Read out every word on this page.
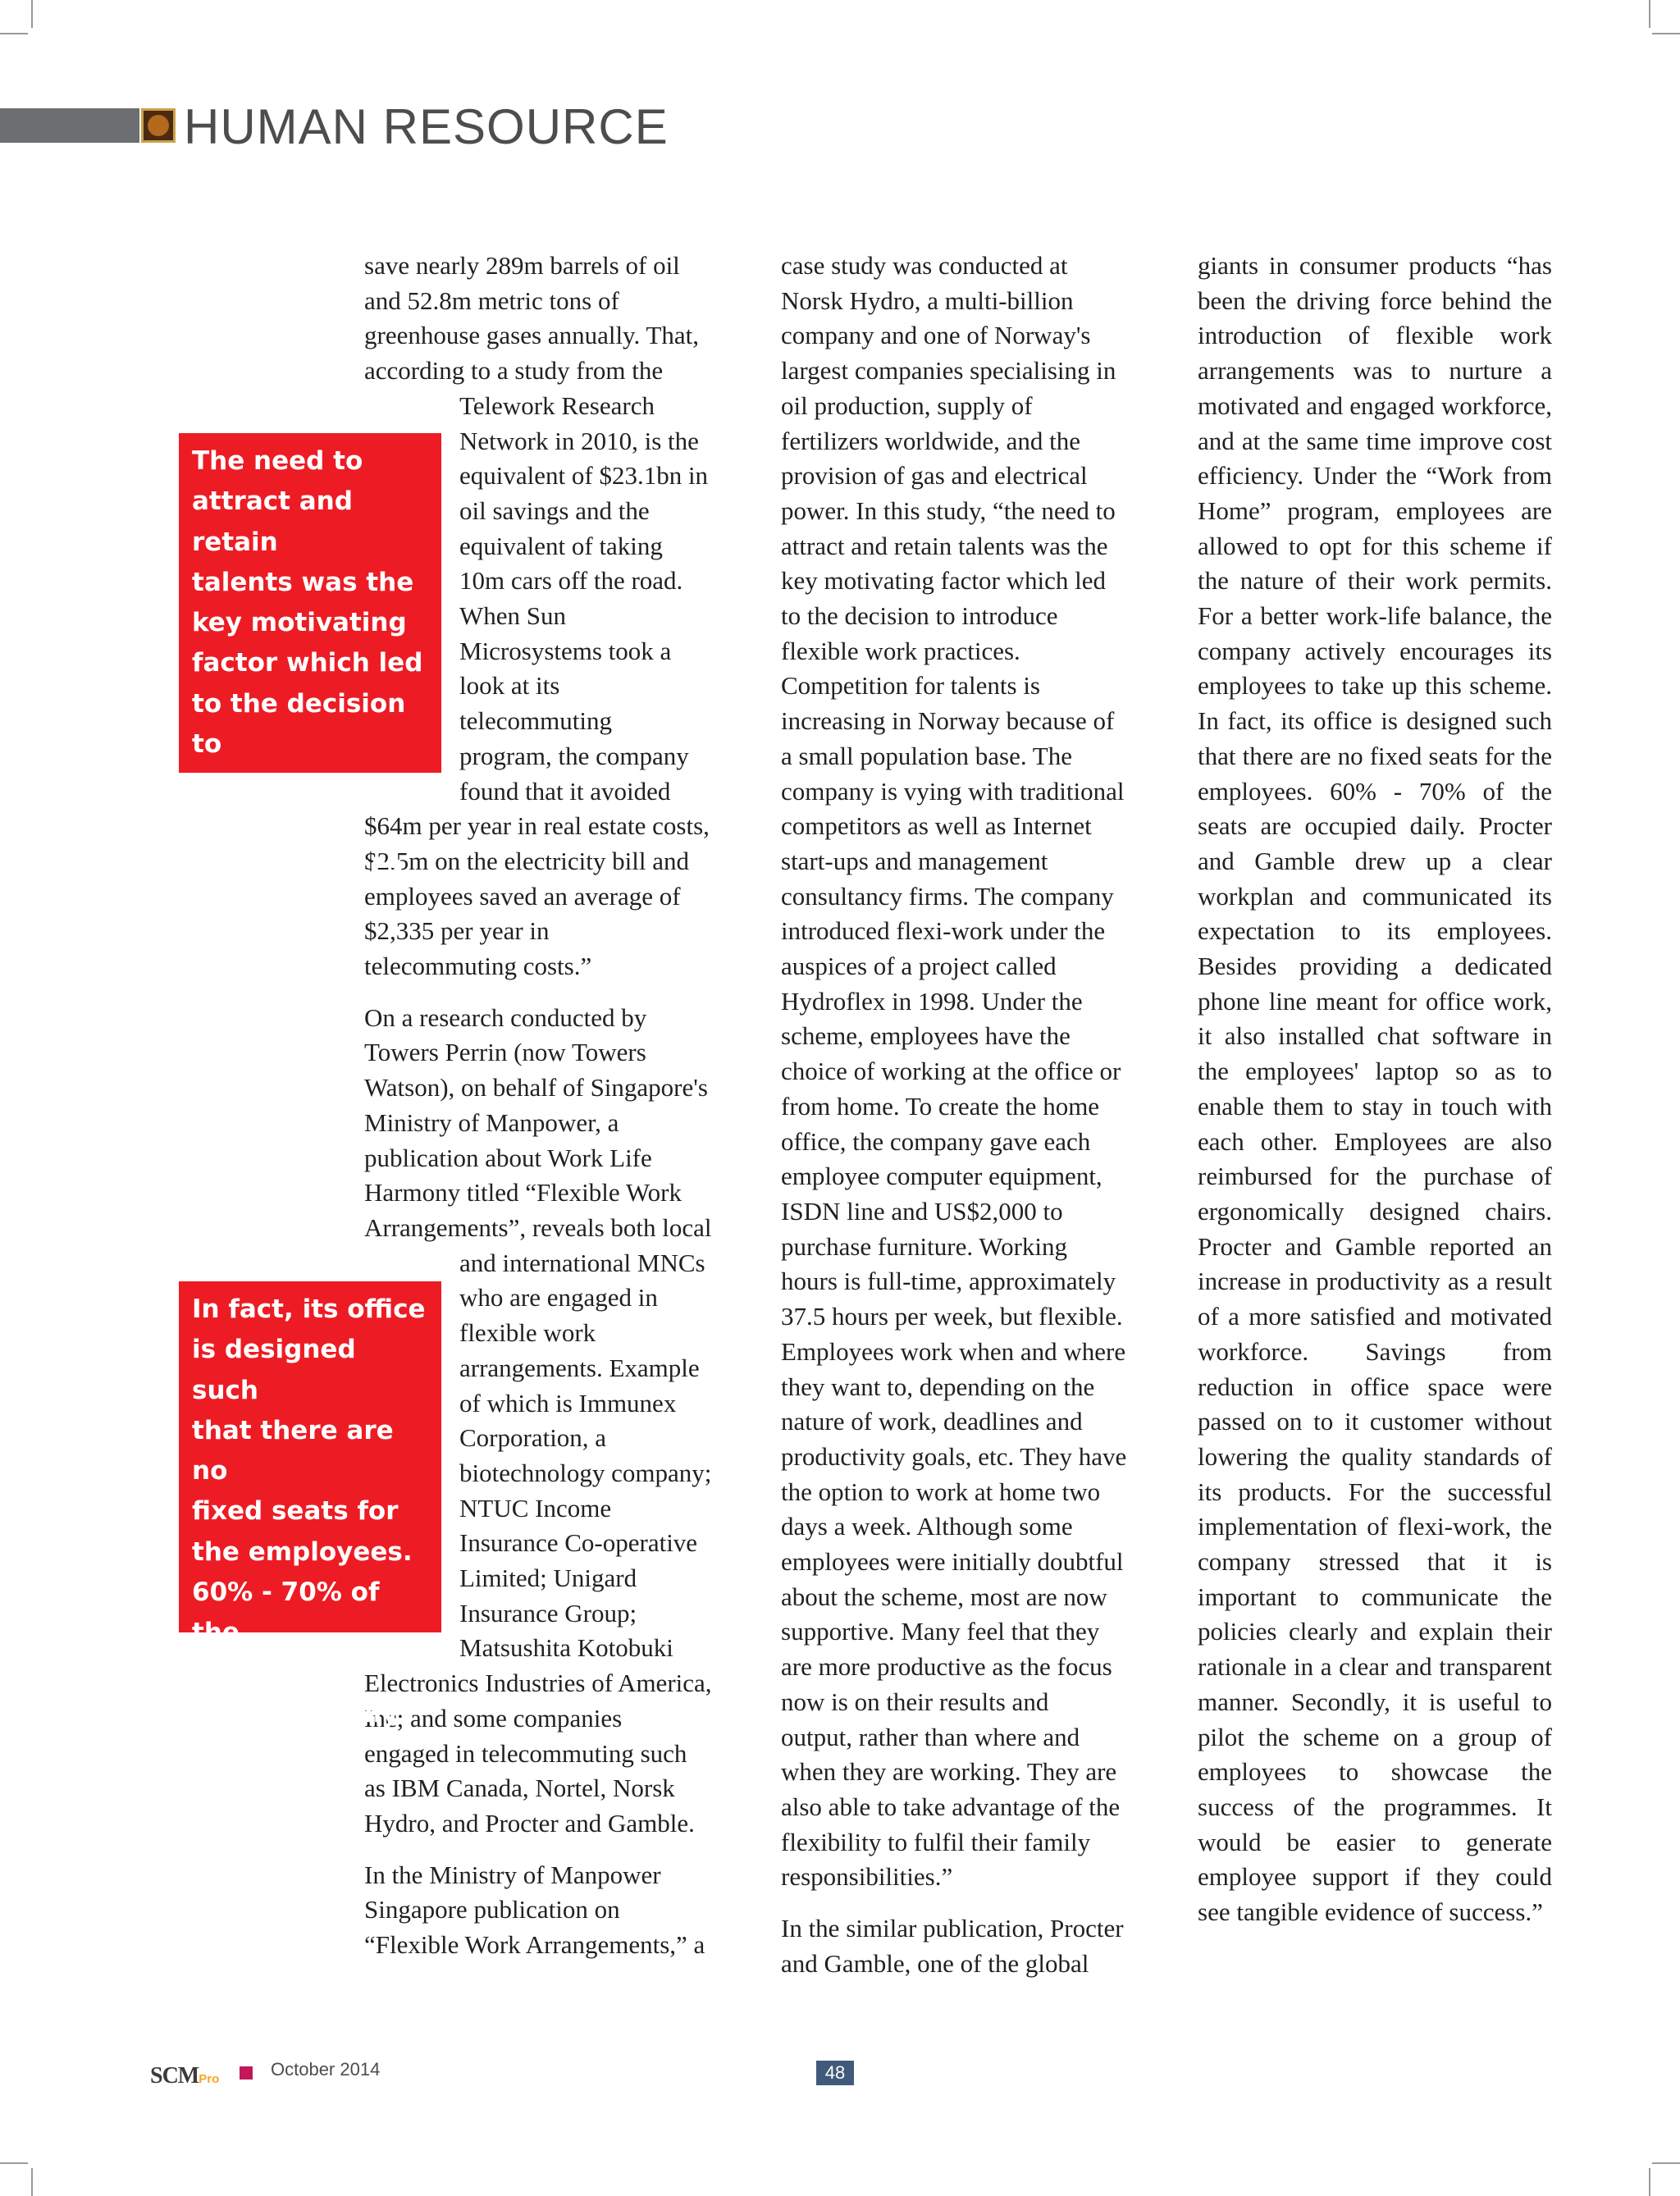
HUMAN RESOURCE

save nearly 289m barrels of oil
and 52.8m metric tons of
greenhouse gases annually. That,
according to a study from the
Telework Research
Network in 2010, is the
equivalent of $23.1bn in
oil savings and the
equivalent of taking
10m cars off the road.
When Sun
Microsystems took a
look at its
telecommuting
program, the company
found that it avoided
$64m per year in real estate costs,
$2.5m on the electricity bill and
employees saved an average of
$2,335 per year in
telecommuting costs.”

On a research conducted by
Towers Perrin (now Towers
Watson), on behalf of Singapore's
Ministry of Manpower, a
publication about Work Life
Harmony titled “Flexible Work
Arrangements”, reveals both local
and international MNCs
who are engaged in
flexible work
arrangements. Example
of which is Immunex
Corporation, a
biotechnology company;
NTUC Income
Insurance Co-operative
Limited; Unigard
Insurance Group;
Matsushita Kotobuki
Electronics Industries of America,
Inc; and some companies
engaged in telecommuting such
as IBM Canada, Nortel, Norsk
Hydro, and Procter and Gamble.

In the Ministry of Manpower
Singapore publication on
“Flexible Work Arrangements,” a

case study was conducted at
Norsk Hydro, a multi-billion
company and one of Norway's
largest companies specialising in
oil production, supply of
fertilizers worldwide, and the
provision of gas and electrical
power. In this study, “the need to
attract and retain talents was the
key motivating factor which led
to the decision to introduce
flexible work practices.
Competition for talents is
increasing in Norway because of
a small population base. The
company is vying with traditional
competitors as well as Internet
start-ups and management
consultancy firms. The company
introduced flexi-work under the
auspices of a project called
Hydroflex in 1998. Under the
scheme, employees have the
choice of working at the office or
from home. To create the home
office, the company gave each
employee computer equipment,
ISDN line and US$2,000 to
purchase furniture. Working
hours is full-time, approximately
37.5 hours per week, but flexible.
Employees work when and where
they want to, depending on the
nature of work, deadlines and
productivity goals, etc. They have
the option to work at home two
days a week. Although some
employees were initially doubtful
about the scheme, most are now
supportive. Many feel that they
are more productive as the focus
now is on their results and
output, rather than where and
when they are working. They are
also able to take advantage of the
flexibility to fulfil their family
responsibilities.”

In the similar publication, Procter
and Gamble, one of the global

giants in consumer products “has been the driving force behind the introduction of flexible work arrangements was to nurture a motivated and engaged workforce, and at the same time improve cost efficiency. Under the “Work from Home” program, employees are allowed to opt for this scheme if the nature of their work permits. For a better work-life balance, the company actively encourages its employees to take up this scheme. In fact, its office is designed such that there are no fixed seats for the employees. 60% - 70% of the seats are occupied daily. Procter and Gamble drew up a clear workplan and communicated its expectation to its employees. Besides providing a dedicated phone line meant for office work, it also installed chat software in the employees' laptop so as to enable them to stay in touch with each other. Employees are also reimbursed for the purchase of ergonomically designed chairs. Procter and Gamble reported an increase in productivity as a result of a more satisfied and motivated workforce. Savings from reduction in office space were passed on to it customer without lowering the quality standards of its products. For the successful implementation of flexi-work, the company stressed that it is important to communicate the policies clearly and explain their rationale in a clear and transparent manner. Secondly, it is useful to pilot the scheme on a group of employees to showcase the success of the programmes. It would be easier to generate employee support if they could see tangible evidence of success.”

The need to
attract and retain
talents was the
key motivating
factor which led
to the decision to
introduce flexible
work practices
In fact, its office
is designed such
that there are no
fixed seats for
the employees.
60% - 70% of the
seats are
occupied daily
SCMPro	October 2014	48
